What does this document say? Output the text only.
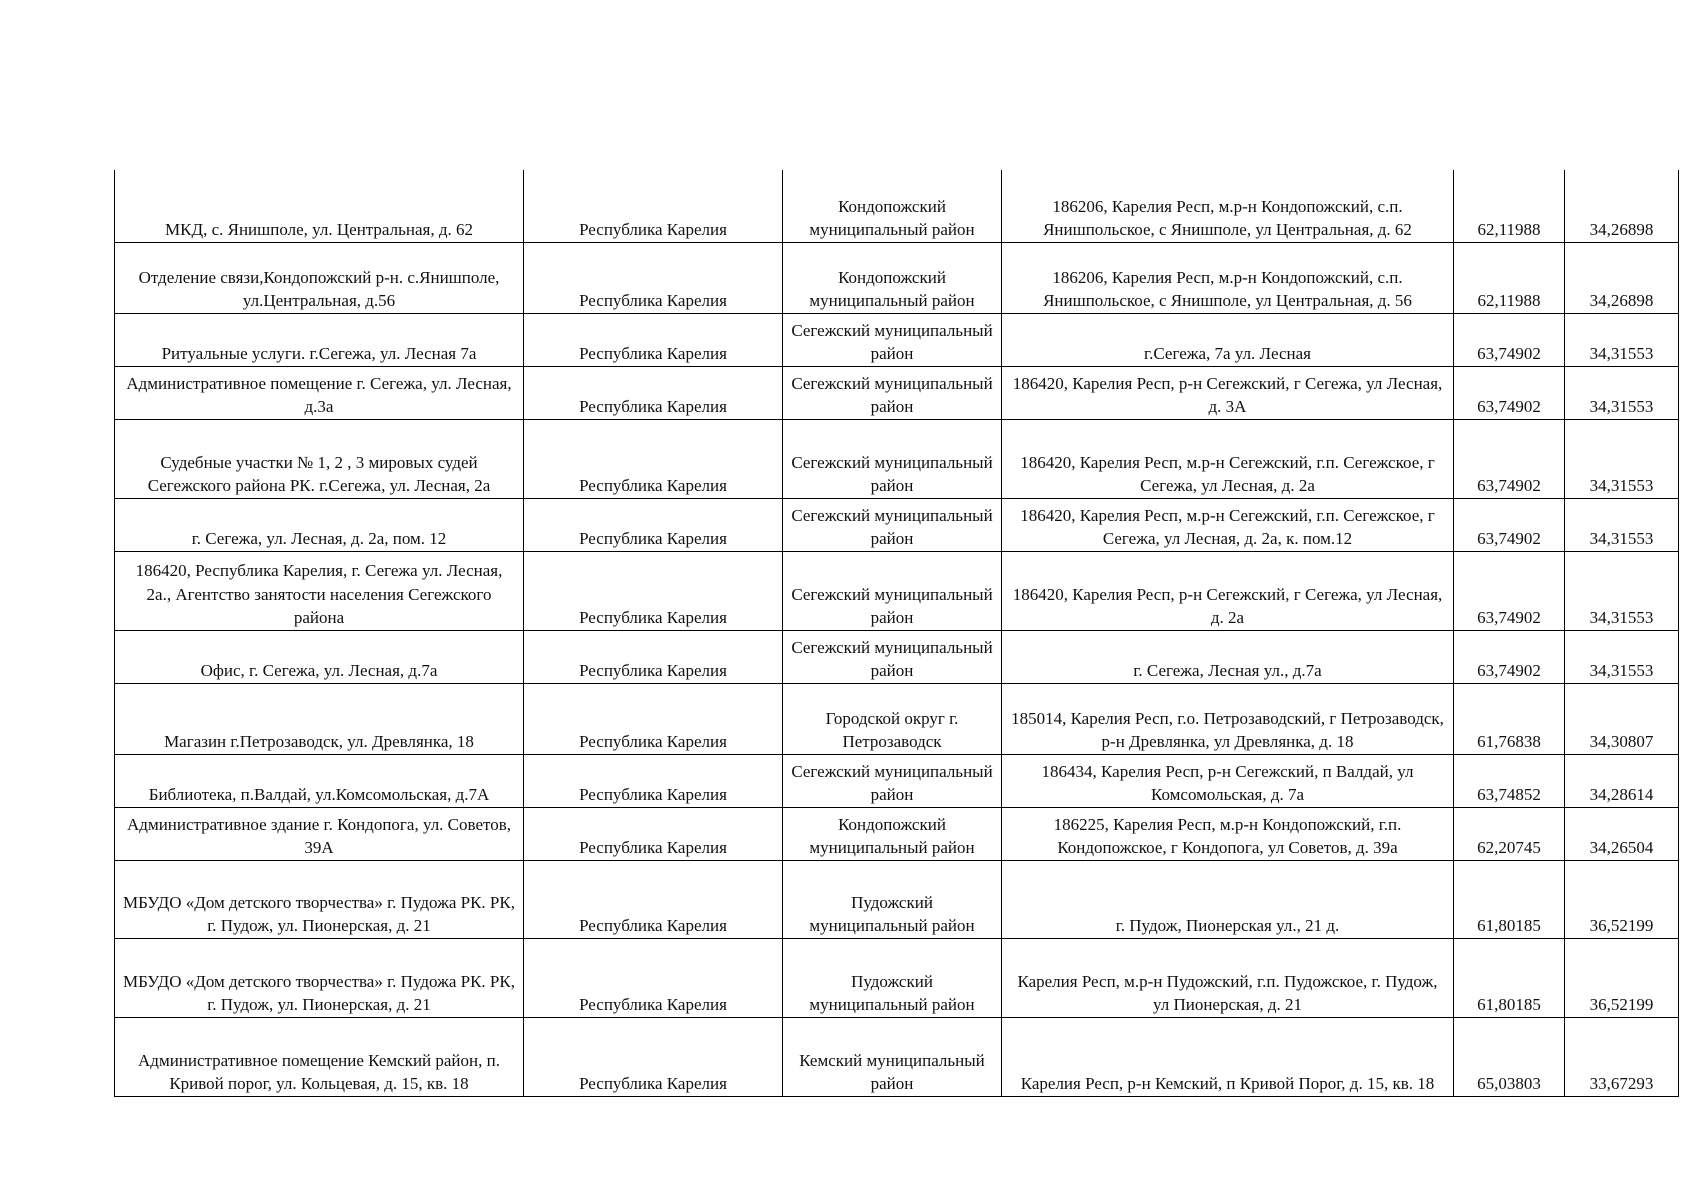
МКД, с. Янишполе, ул. Центральная, д. 62	Республика Карелия	Кондопожский муниципальный район	186206, Карелия Респ, м.р-н Кондопожский, с.п. Янишпольское, с Янишполе, ул Центральная, д. 62	62,11988	34,26898
Отделение связи,Кондопожский р-н. с.Янишполе, ул.Центральная, д.56	Республика Карелия	Кондопожский муниципальный район	186206, Карелия Респ, м.р-н Кондопожский, с.п. Янишпольское, с Янишполе, ул Центральная, д. 56	62,11988	34,26898
Ритуальные услуги. г.Сегежа, ул. Лесная 7а	Республика Карелия	Сегежский муниципальный район	г.Сегежа, 7а ул. Лесная	63,74902	34,31553
Административное помещение г. Сегежа, ул. Лесная, д.3а	Республика Карелия	Сегежский муниципальный район	186420, Карелия Респ, р-н Сегежский, г Сегежа, ул Лесная, д. 3А	63,74902	34,31553
Судебные участки № 1, 2 , 3 мировых судей Сегежского района РК. г.Сегежа, ул. Лесная, 2а	Республика Карелия	Сегежский муниципальный район	186420, Карелия Респ, м.р-н Сегежский, г.п. Сегежское, г Сегежа, ул Лесная, д. 2а	63,74902	34,31553
г. Сегежа, ул. Лесная, д. 2а, пом. 12	Республика Карелия	Сегежский муниципальный район	186420, Карелия Респ, м.р-н Сегежский, г.п. Сегежское, г Сегежа, ул Лесная, д. 2а, к. пом.12	63,74902	34,31553
186420, Республика Карелия, г. Сегежа ул. Лесная, 2а., Агентство занятости населения Сегежского района	Республика Карелия	Сегежский муниципальный район	186420, Карелия Респ, р-н Сегежский, г Сегежа, ул Лесная, д. 2а	63,74902	34,31553
Офис, г. Сегежа, ул. Лесная, д.7а	Республика Карелия	Сегежский муниципальный район	г. Сегежа, Лесная ул., д.7а	63,74902	34,31553
Магазин г.Петрозаводск, ул. Древлянка, 18	Республика Карелия	Городской округ г. Петрозаводск	185014, Карелия Респ, г.о. Петрозаводский, г Петрозаводск, р-н Древлянка, ул Древлянка, д. 18	61,76838	34,30807
Библиотека, п.Валдай, ул.Комсомольская, д.7А	Республика Карелия	Сегежский муниципальный район	186434, Карелия Респ, р-н Сегежский, п Валдай, ул Комсомольская, д. 7а	63,74852	34,28614
Административное здание г. Кондопога, ул. Советов, 39А	Республика Карелия	Кондопожский муниципальный район	186225, Карелия Респ, м.р-н Кондопожский, г.п. Кондопожское, г Кондопога, ул Советов, д. 39а	62,20745	34,26504
МБУДО «Дом детского творчества» г. Пудожа РК. РК, г. Пудож, ул. Пионерская, д. 21	Республика Карелия	Пудожский муниципальный район	г. Пудож, Пионерская ул., 21 д.	61,80185	36,52199
МБУДО «Дом детского творчества» г. Пудожа РК. РК, г. Пудож, ул. Пионерская, д. 21	Республика Карелия	Пудожский муниципальный район	Карелия Респ, м.р-н Пудожский, г.п. Пудожское, г. Пудож, ул Пионерская, д. 21	61,80185	36,52199
Административное помещение Кемский район, п. Кривой порог, ул. Кольцевая, д. 15, кв. 18	Республика Карелия	Кемский муниципальный район	Карелия Респ, р-н Кемский, п Кривой Порог, д. 15, кв. 18	65,03803	33,67293
